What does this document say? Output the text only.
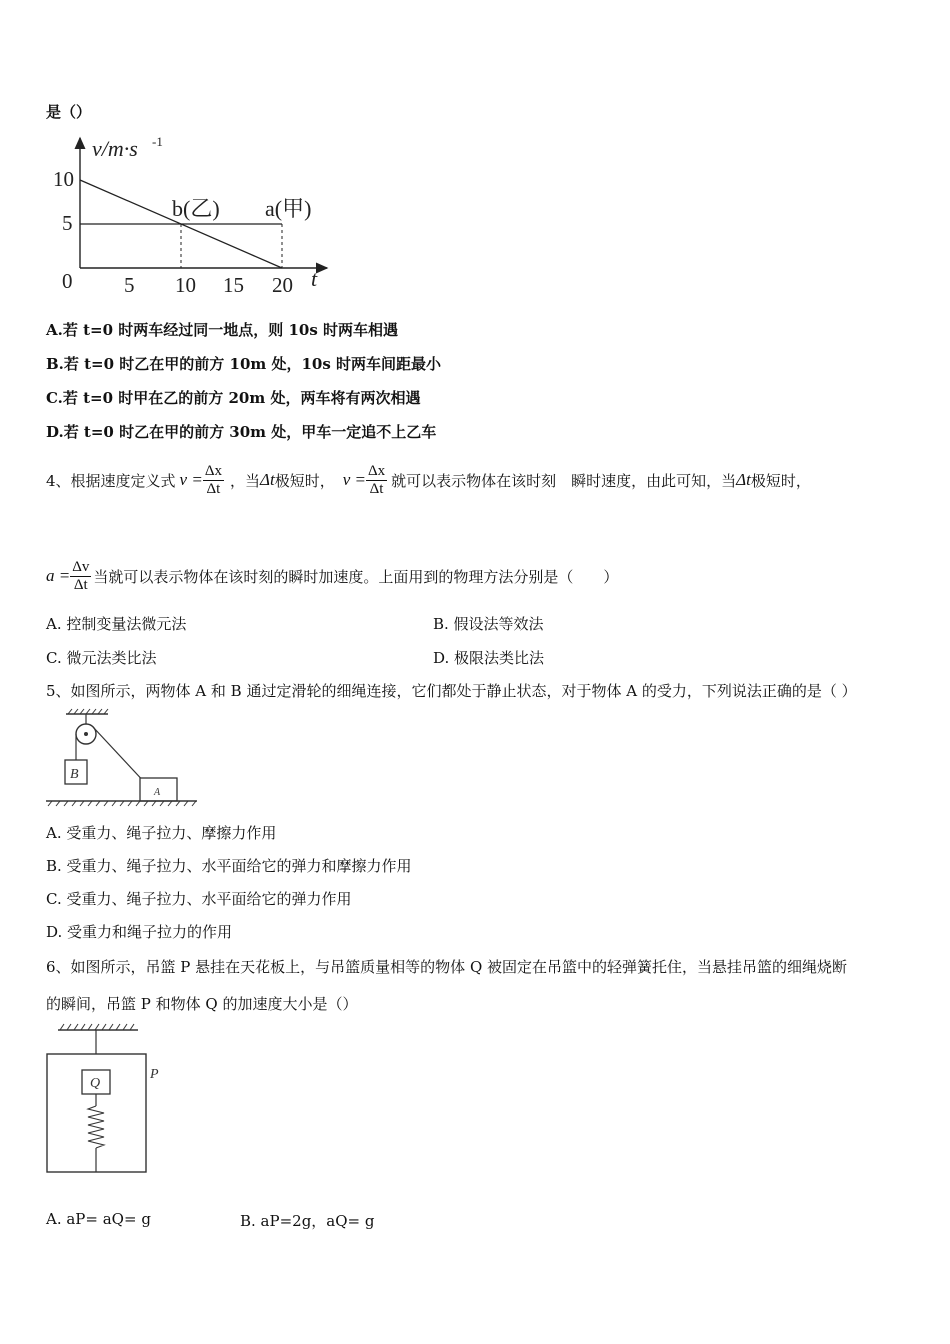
是（）
v/m·s -1
t
0
10
5
5 10 15 20
b(乙) a(甲)
A.若 t=0 时两车经过同一地点，则 10s 时两车相遇
B.若 t=0 时乙在甲的前方 10m 处，10s 时两车间距最小
C.若 t=0 时甲在乙的前方 20m 处，两车将有两次相遇
D.若 t=0 时乙在甲的前方 30m 处，甲车一定追不上乙车
4、根据速度定义式 $v = \frac{\Delta x}{\Delta t}$ ，当 Δt 极短时， $v = \frac{\Delta x}{\Delta t}$ 就可以表示物体在该时刻　瞬时速度，由此可知，当 Δt 极短时，
$a = \frac{\Delta v}{\Delta t}$ 当就可以表示物体在该时刻的瞬时加速度。上面用到的物理方法分别是（　　）
A. 控制变量法微元法	B. 假设法等效法
C. 微元法类比法	D. 极限法类比法
5、如图所示，两物体 A 和 B 通过定滑轮的细绳连接，它们都处于静止状态，对于物体 A 的受力，下列说法正确的是（ ）
B
A
A. 受重力、绳子拉力、摩擦力作用
B. 受重力、绳子拉力、水平面给它的弹力和摩擦力作用
C. 受重力、绳子拉力、水平面给它的弹力作用
D. 受重力和绳子拉力的作用
6、如图所示，吊篮 P 悬挂在天花板上，与吊篮质量相等的物体 Q 被固定在吊篮中的轻弹簧托住，当悬挂吊篮的细绳烧断
的瞬间，吊篮 P 和物体 Q 的加速度大小是（）
Q
P
A. aP= aQ= g	B. aP=2g，aQ= g
